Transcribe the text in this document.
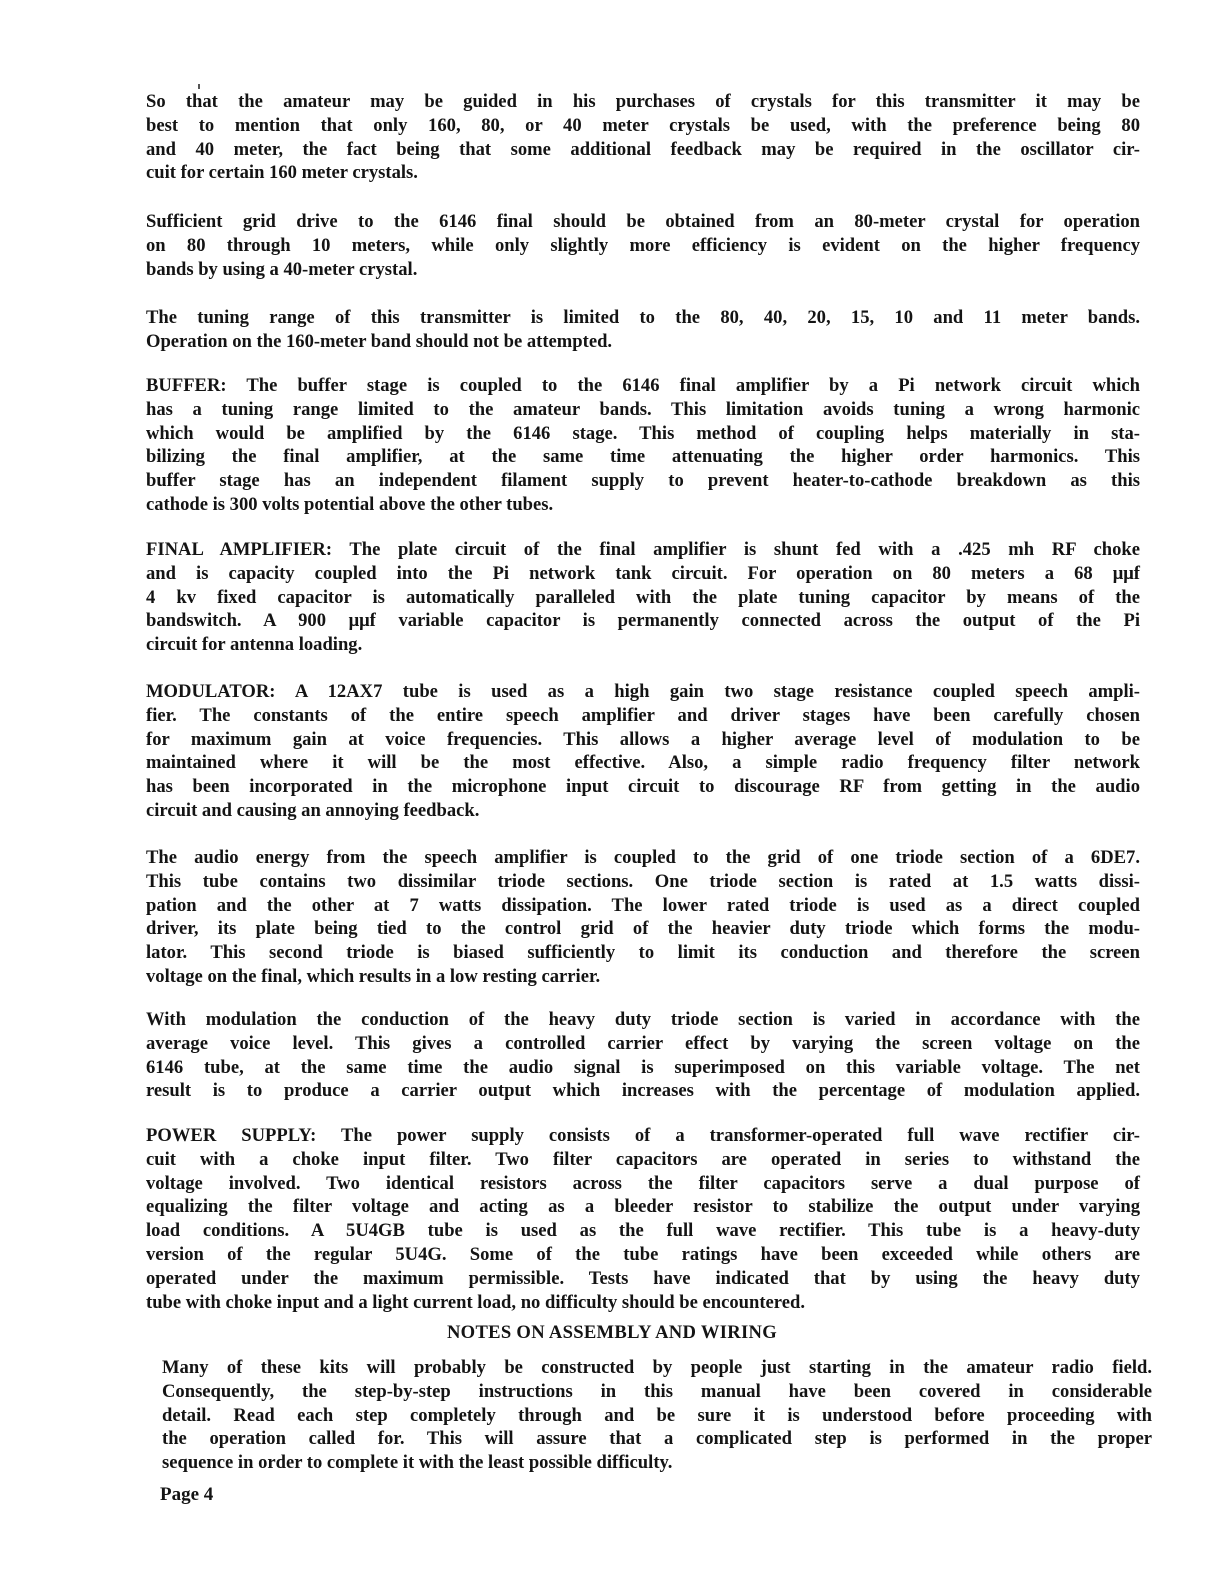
So that the amateur may be guided in his purchases of crystals for this transmitter it may be
best to mention that only 160, 80, or 40 meter crystals be used, with the preference being 80
and 40 meter, the fact being that some additional feedback may be required in the oscillator cir-
cuit for certain 160 meter crystals.
Sufficient grid drive to the 6146 final should be obtained from an 80-meter crystal for operation
on 80 through 10 meters, while only slightly more efficiency is evident on the higher frequency
bands by using a 40-meter crystal.
The tuning range of this transmitter is limited to the 80, 40, 20, 15, 10 and 11 meter bands.
Operation on the 160-meter band should not be attempted.
BUFFER: The buffer stage is coupled to the 6146 final amplifier by a Pi network circuit which
has a tuning range limited to the amateur bands. This limitation avoids tuning a wrong harmonic
which would be amplified by the 6146 stage. This method of coupling helps materially in sta-
bilizing the final amplifier, at the same time attenuating the higher order harmonics. This
buffer stage has an independent filament supply to prevent heater-to-cathode breakdown as this
cathode is 300 volts potential above the other tubes.
FINAL AMPLIFIER: The plate circuit of the final amplifier is shunt fed with a .425 mh RF choke
and is capacity coupled into the Pi network tank circuit. For operation on 80 meters a 68 μμf
4 kv fixed capacitor is automatically paralleled with the plate tuning capacitor by means of the
bandswitch. A 900 μμf variable capacitor is permanently connected across the output of the Pi
circuit for antenna loading.
MODULATOR: A 12AX7 tube is used as a high gain two stage resistance coupled speech ampli-
fier. The constants of the entire speech amplifier and driver stages have been carefully chosen
for maximum gain at voice frequencies. This allows a higher average level of modulation to be
maintained where it will be the most effective. Also, a simple radio frequency filter network
has been incorporated in the microphone input circuit to discourage RF from getting in the audio
circuit and causing an annoying feedback.
The audio energy from the speech amplifier is coupled to the grid of one triode section of a 6DE7.
This tube contains two dissimilar triode sections. One triode section is rated at 1.5 watts dissi-
pation and the other at 7 watts dissipation. The lower rated triode is used as a direct coupled
driver, its plate being tied to the control grid of the heavier duty triode which forms the modu-
lator. This second triode is biased sufficiently to limit its conduction and therefore the screen
voltage on the final, which results in a low resting carrier.
With modulation the conduction of the heavy duty triode section is varied in accordance with the
average voice level. This gives a controlled carrier effect by varying the screen voltage on the
6146 tube, at the same time the audio signal is superimposed on this variable voltage. The net
result is to produce a carrier output which increases with the percentage of modulation applied.
POWER SUPPLY: The power supply consists of a transformer-operated full wave rectifier cir-
cuit with a choke input filter. Two filter capacitors are operated in series to withstand the
voltage involved. Two identical resistors across the filter capacitors serve a dual purpose of
equalizing the filter voltage and acting as a bleeder resistor to stabilize the output under varying
load conditions. A 5U4GB tube is used as the full wave rectifier. This tube is a heavy-duty
version of the regular 5U4G. Some of the tube ratings have been exceeded while others are
operated under the maximum permissible. Tests have indicated that by using the heavy duty
tube with choke input and a light current load, no difficulty should be encountered.
NOTES ON ASSEMBLY AND WIRING
Many of these kits will probably be constructed by people just starting in the amateur radio field.
Consequently, the step-by-step instructions in this manual have been covered in considerable
detail. Read each step completely through and be sure it is understood before proceeding with
the operation called for. This will assure that a complicated step is performed in the proper
sequence in order to complete it with the least possible difficulty.
Page 4
